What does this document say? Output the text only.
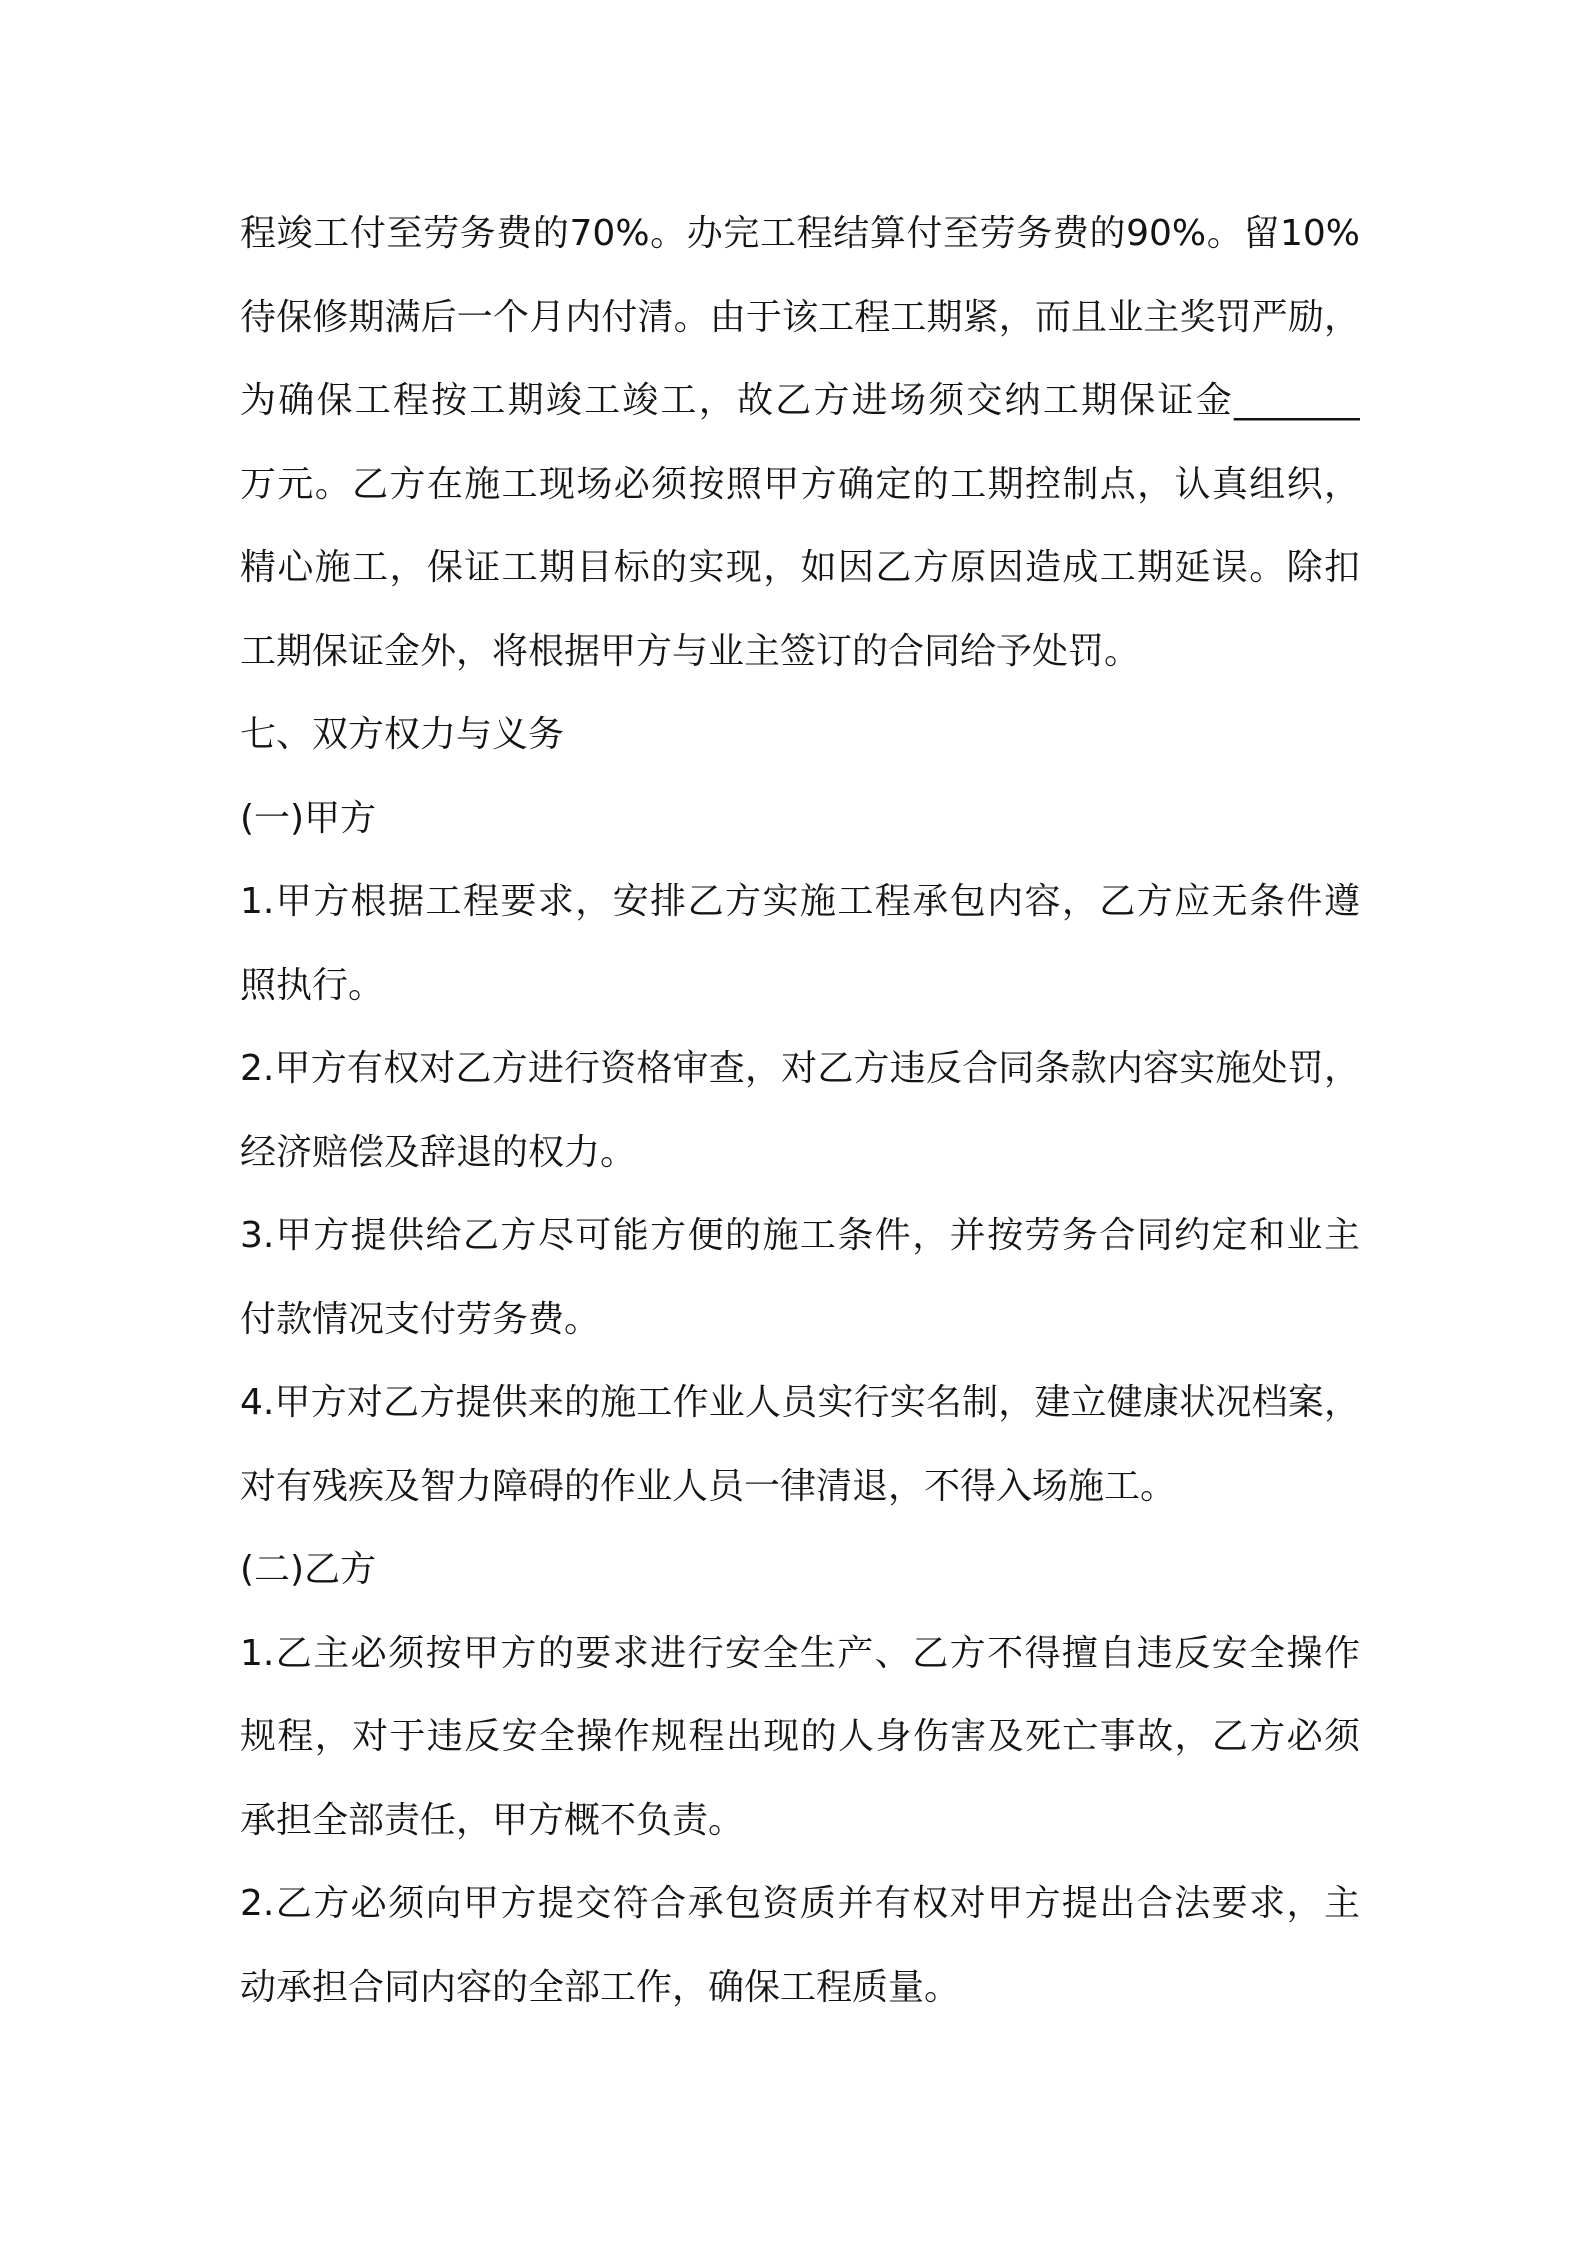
程竣工付至劳务费的70%。办完工程结算付至劳务费的90%。留10%
待保修期满后一个月内付清。由于该工程工期紧，而且业主奖罚严励，
为确保工程按工期竣工竣工，故乙方进场须交纳工期保证金_______
万元。乙方在施工现场必须按照甲方确定的工期控制点，认真组织，
精心施工，保证工期目标的实现，如因乙方原因造成工期延误。除扣
工期保证金外，将根据甲方与业主签订的合同给予处罚。
七、双方权力与义务
(一)甲方
1.甲方根据工程要求，安排乙方实施工程承包内容，乙方应无条件遵
照执行。
2.甲方有权对乙方进行资格审查，对乙方违反合同条款内容实施处罚，
经济赔偿及辞退的权力。
3.甲方提供给乙方尽可能方便的施工条件，并按劳务合同约定和业主
付款情况支付劳务费。
4.甲方对乙方提供来的施工作业人员实行实名制，建立健康状况档案，
对有残疾及智力障碍的作业人员一律清退，不得入场施工。
(二)乙方
1.乙主必须按甲方的要求进行安全生产、乙方不得擅自违反安全操作
规程，对于违反安全操作规程出现的人身伤害及死亡事故，乙方必须
承担全部责任，甲方概不负责。
2.乙方必须向甲方提交符合承包资质并有权对甲方提出合法要求，主
动承担合同内容的全部工作，确保工程质量。
